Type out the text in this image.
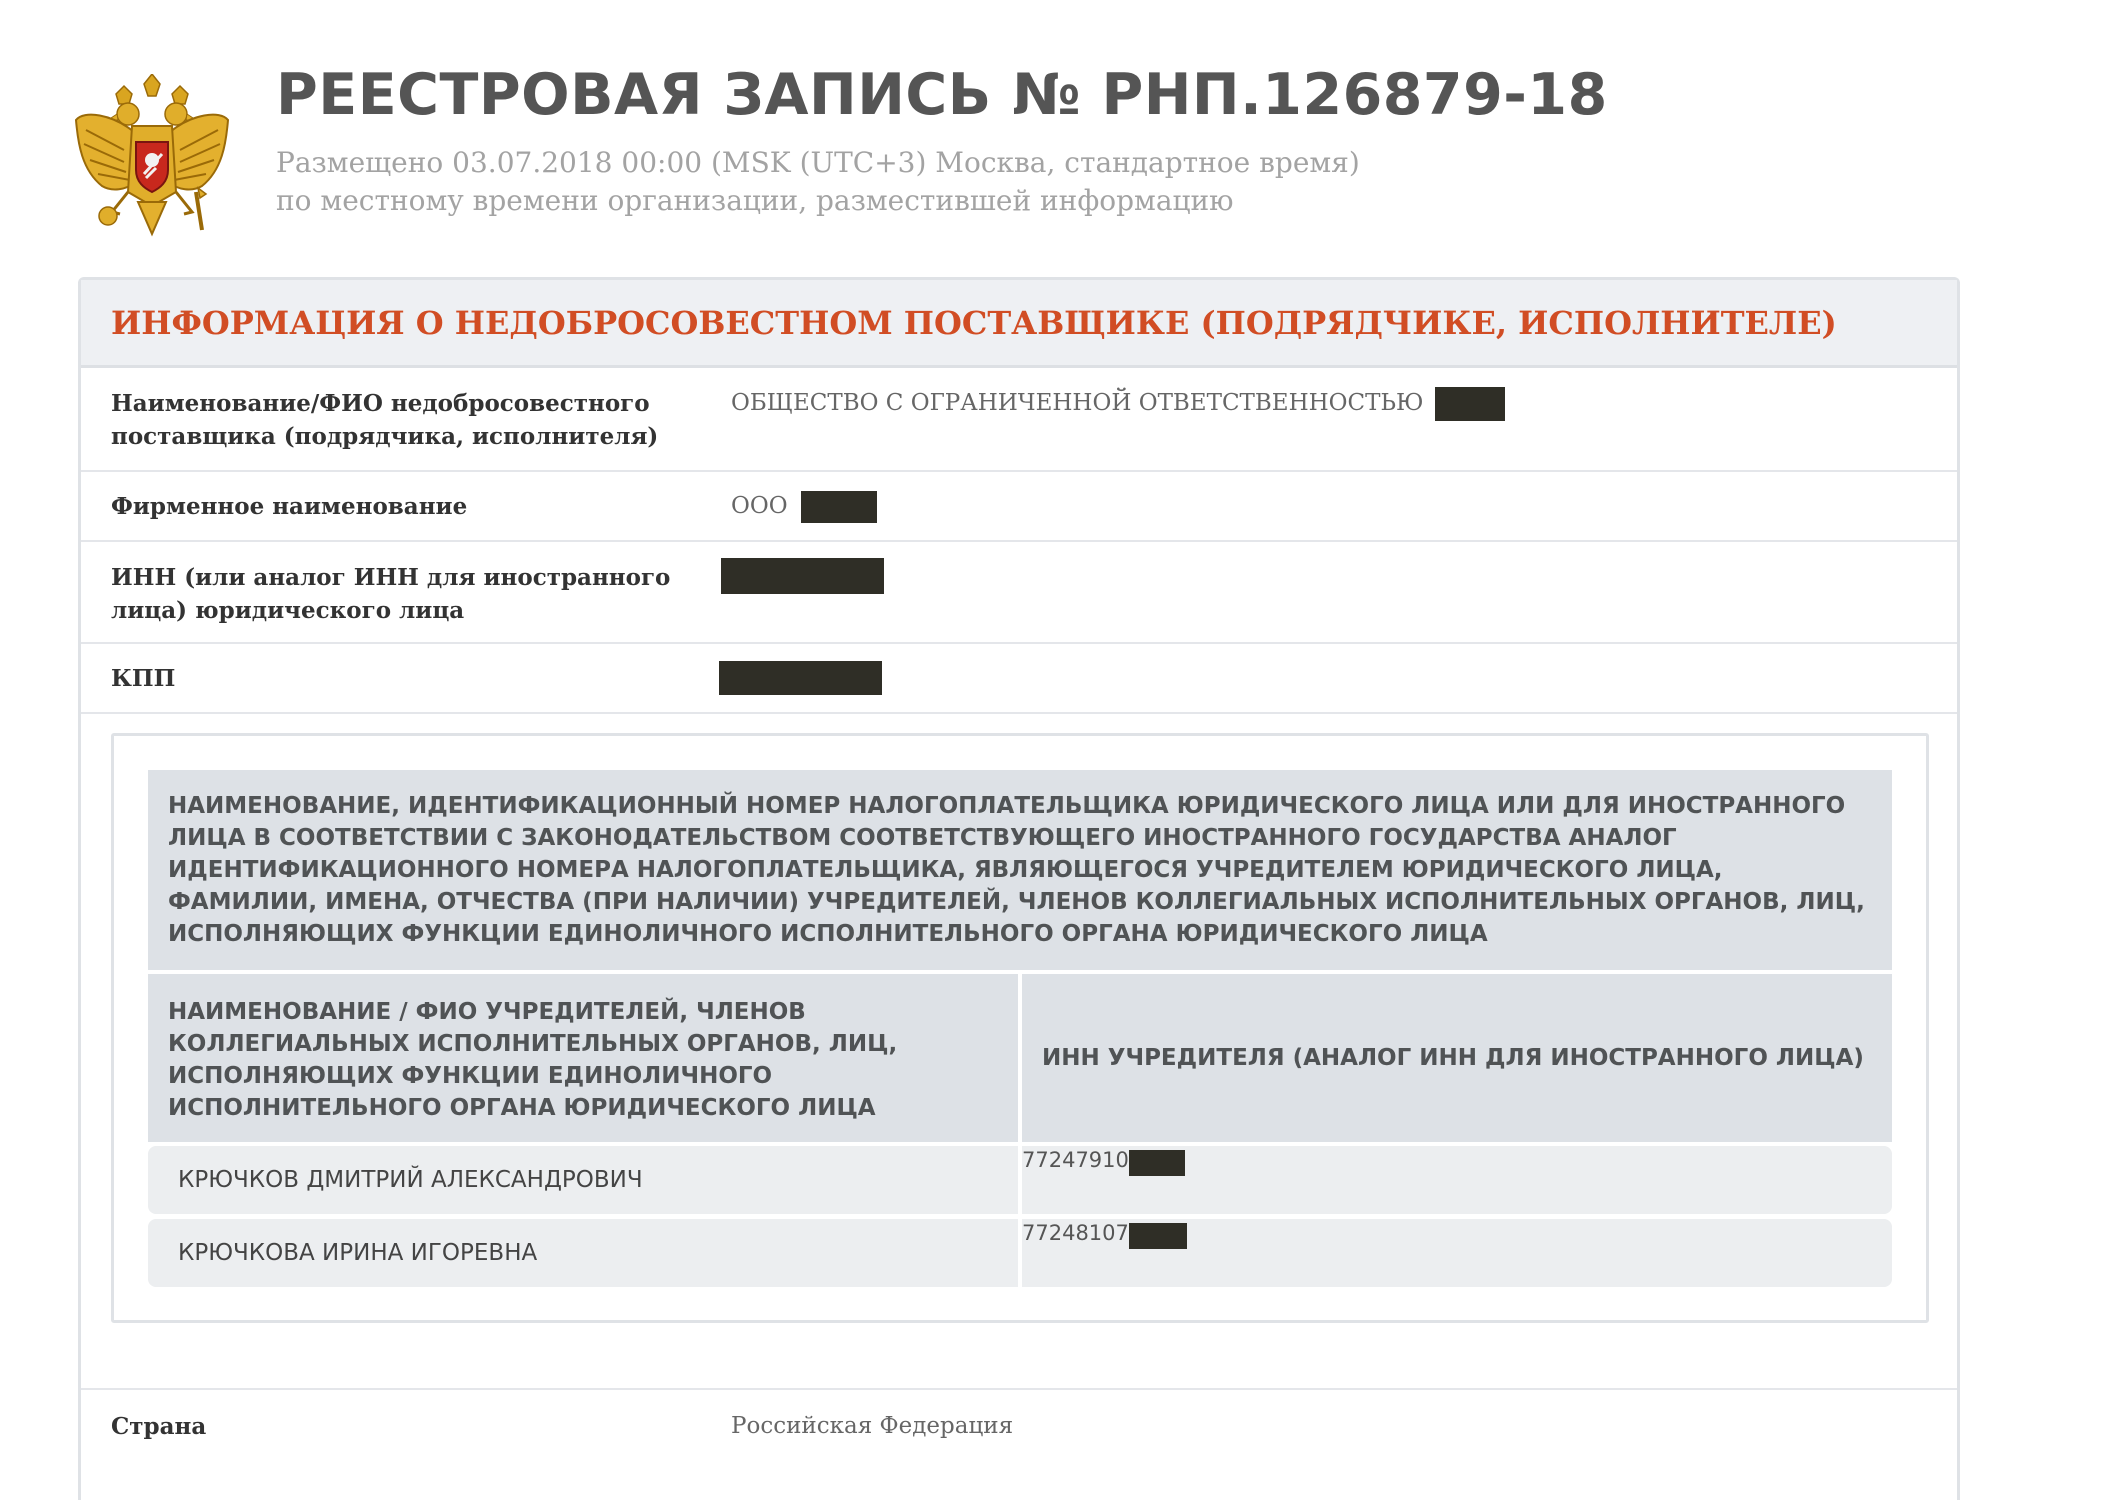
РЕЕСТРОВАЯ ЗАПИСЬ № РНП.126879-18
Размещено 03.07.2018 00:00 (MSK (UTC+3) Москва, стандартное время)
по местному времени организации, разместившей информацию
ИНФОРМАЦИЯ О НЕДОБРОСОВЕСТНОМ ПОСТАВЩИКЕ (ПОДРЯДЧИКЕ, ИСПОЛНИТЕЛЕ)
Наименование/ФИО недобросовестного поставщика (подрядчика, исполнителя)
ОБЩЕСТВО С ОГРАНИЧЕННОЙ ОТВЕТСТВЕННОСТЬЮ
Фирменное наименование	ООО
ИНН (или аналог ИНН для иностранного лица) юридического лица
КПП
НАИМЕНОВАНИЕ, ИДЕНТИФИКАЦИОННЫЙ НОМЕР НАЛОГОПЛАТЕЛЬЩИКА ЮРИДИЧЕСКОГО ЛИЦА ИЛИ ДЛЯ ИНОСТРАННОГО ЛИЦА В СООТВЕТСТВИИ С ЗАКОНОДАТЕЛЬСТВОМ СООТВЕТСТВУЮЩЕГО ИНОСТРАННОГО ГОСУДАРСТВА АНАЛОГ ИДЕНТИФИКАЦИОННОГО НОМЕРА НАЛОГОПЛАТЕЛЬЩИКА, ЯВЛЯЮЩЕГОСЯ УЧРЕДИТЕЛЕМ ЮРИДИЧЕСКОГО ЛИЦА, ФАМИЛИИ, ИМЕНА, ОТЧЕСТВА (ПРИ НАЛИЧИИ) УЧРЕДИТЕЛЕЙ, ЧЛЕНОВ КОЛЛЕГИАЛЬНЫХ ИСПОЛНИТЕЛЬНЫХ ОРГАНОВ, ЛИЦ, ИСПОЛНЯЮЩИХ ФУНКЦИИ ЕДИНОЛИЧНОГО ИСПОЛНИТЕЛЬНОГО ОРГАНА ЮРИДИЧЕСКОГО ЛИЦА
НАИМЕНОВАНИЕ / ФИО УЧРЕДИТЕЛЕЙ, ЧЛЕНОВ КОЛЛЕГИАЛЬНЫХ ИСПОЛНИТЕЛЬНЫХ ОРГАНОВ, ЛИЦ, ИСПОЛНЯЮЩИХ ФУНКЦИИ ЕДИНОЛИЧНОГО ИСПОЛНИТЕЛЬНОГО ОРГАНА ЮРИДИЧЕСКОГО ЛИЦА
ИНН УЧРЕДИТЕЛЯ (АНАЛОГ ИНН ДЛЯ ИНОСТРАННОГО ЛИЦА)
КРЮЧКОВ ДМИТРИЙ АЛЕКСАНДРОВИЧ
77247910
КРЮЧКОВА ИРИНА ИГОРЕВНА
77248107
Страна	Российская Федерация
